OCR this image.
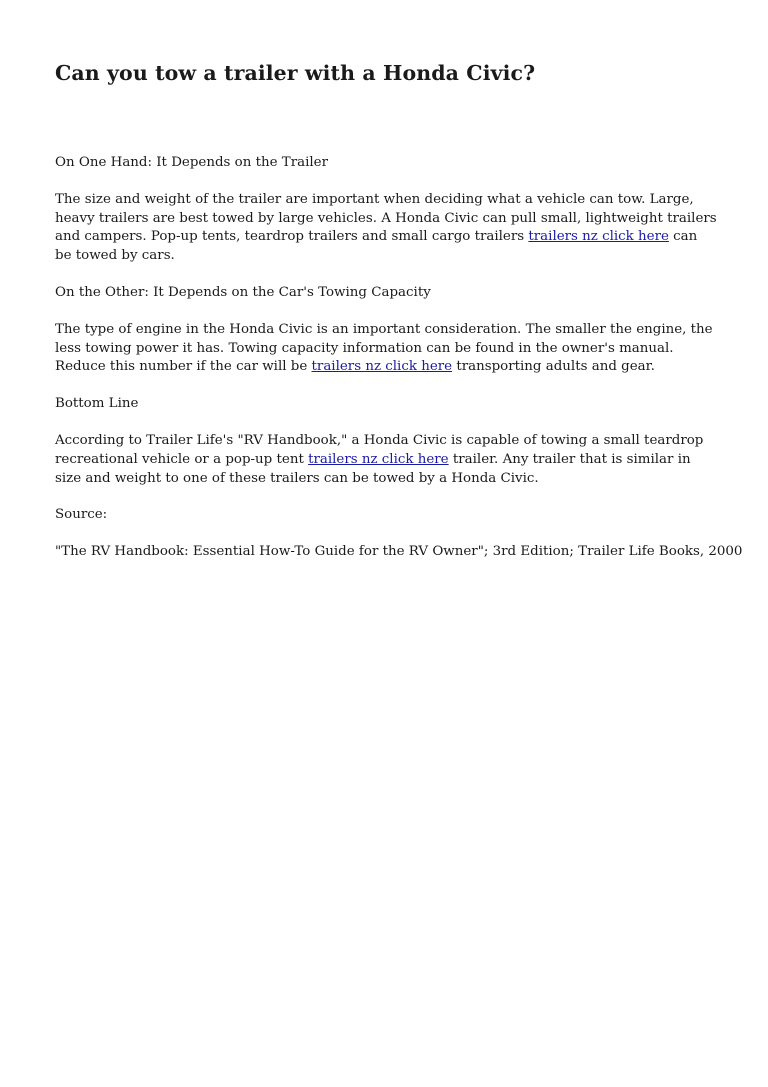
Can you tow a trailer with a Honda Civic?

On One Hand: It Depends on the Trailer

The size and weight of the trailer are important when deciding what a vehicle can tow. Large, heavy trailers are best towed by large vehicles. A Honda Civic can pull small, lightweight trailers and campers. Pop-up tents, teardrop trailers and small cargo trailers trailers nz click here can be towed by cars.

On the Other: It Depends on the Car's Towing Capacity

The type of engine in the Honda Civic is an important consideration. The smaller the engine, the less towing power it has. Towing capacity information can be found in the owner's manual. Reduce this number if the car will be trailers nz click here transporting adults and gear.

Bottom Line

According to Trailer Life's "RV Handbook," a Honda Civic is capable of towing a small teardrop recreational vehicle or a pop-up tent trailers nz click here trailer. Any trailer that is similar in size and weight to one of these trailers can be towed by a Honda Civic.

Source:

"The RV Handbook: Essential How-To Guide for the RV Owner"; 3rd Edition; Trailer Life Books, 2000
